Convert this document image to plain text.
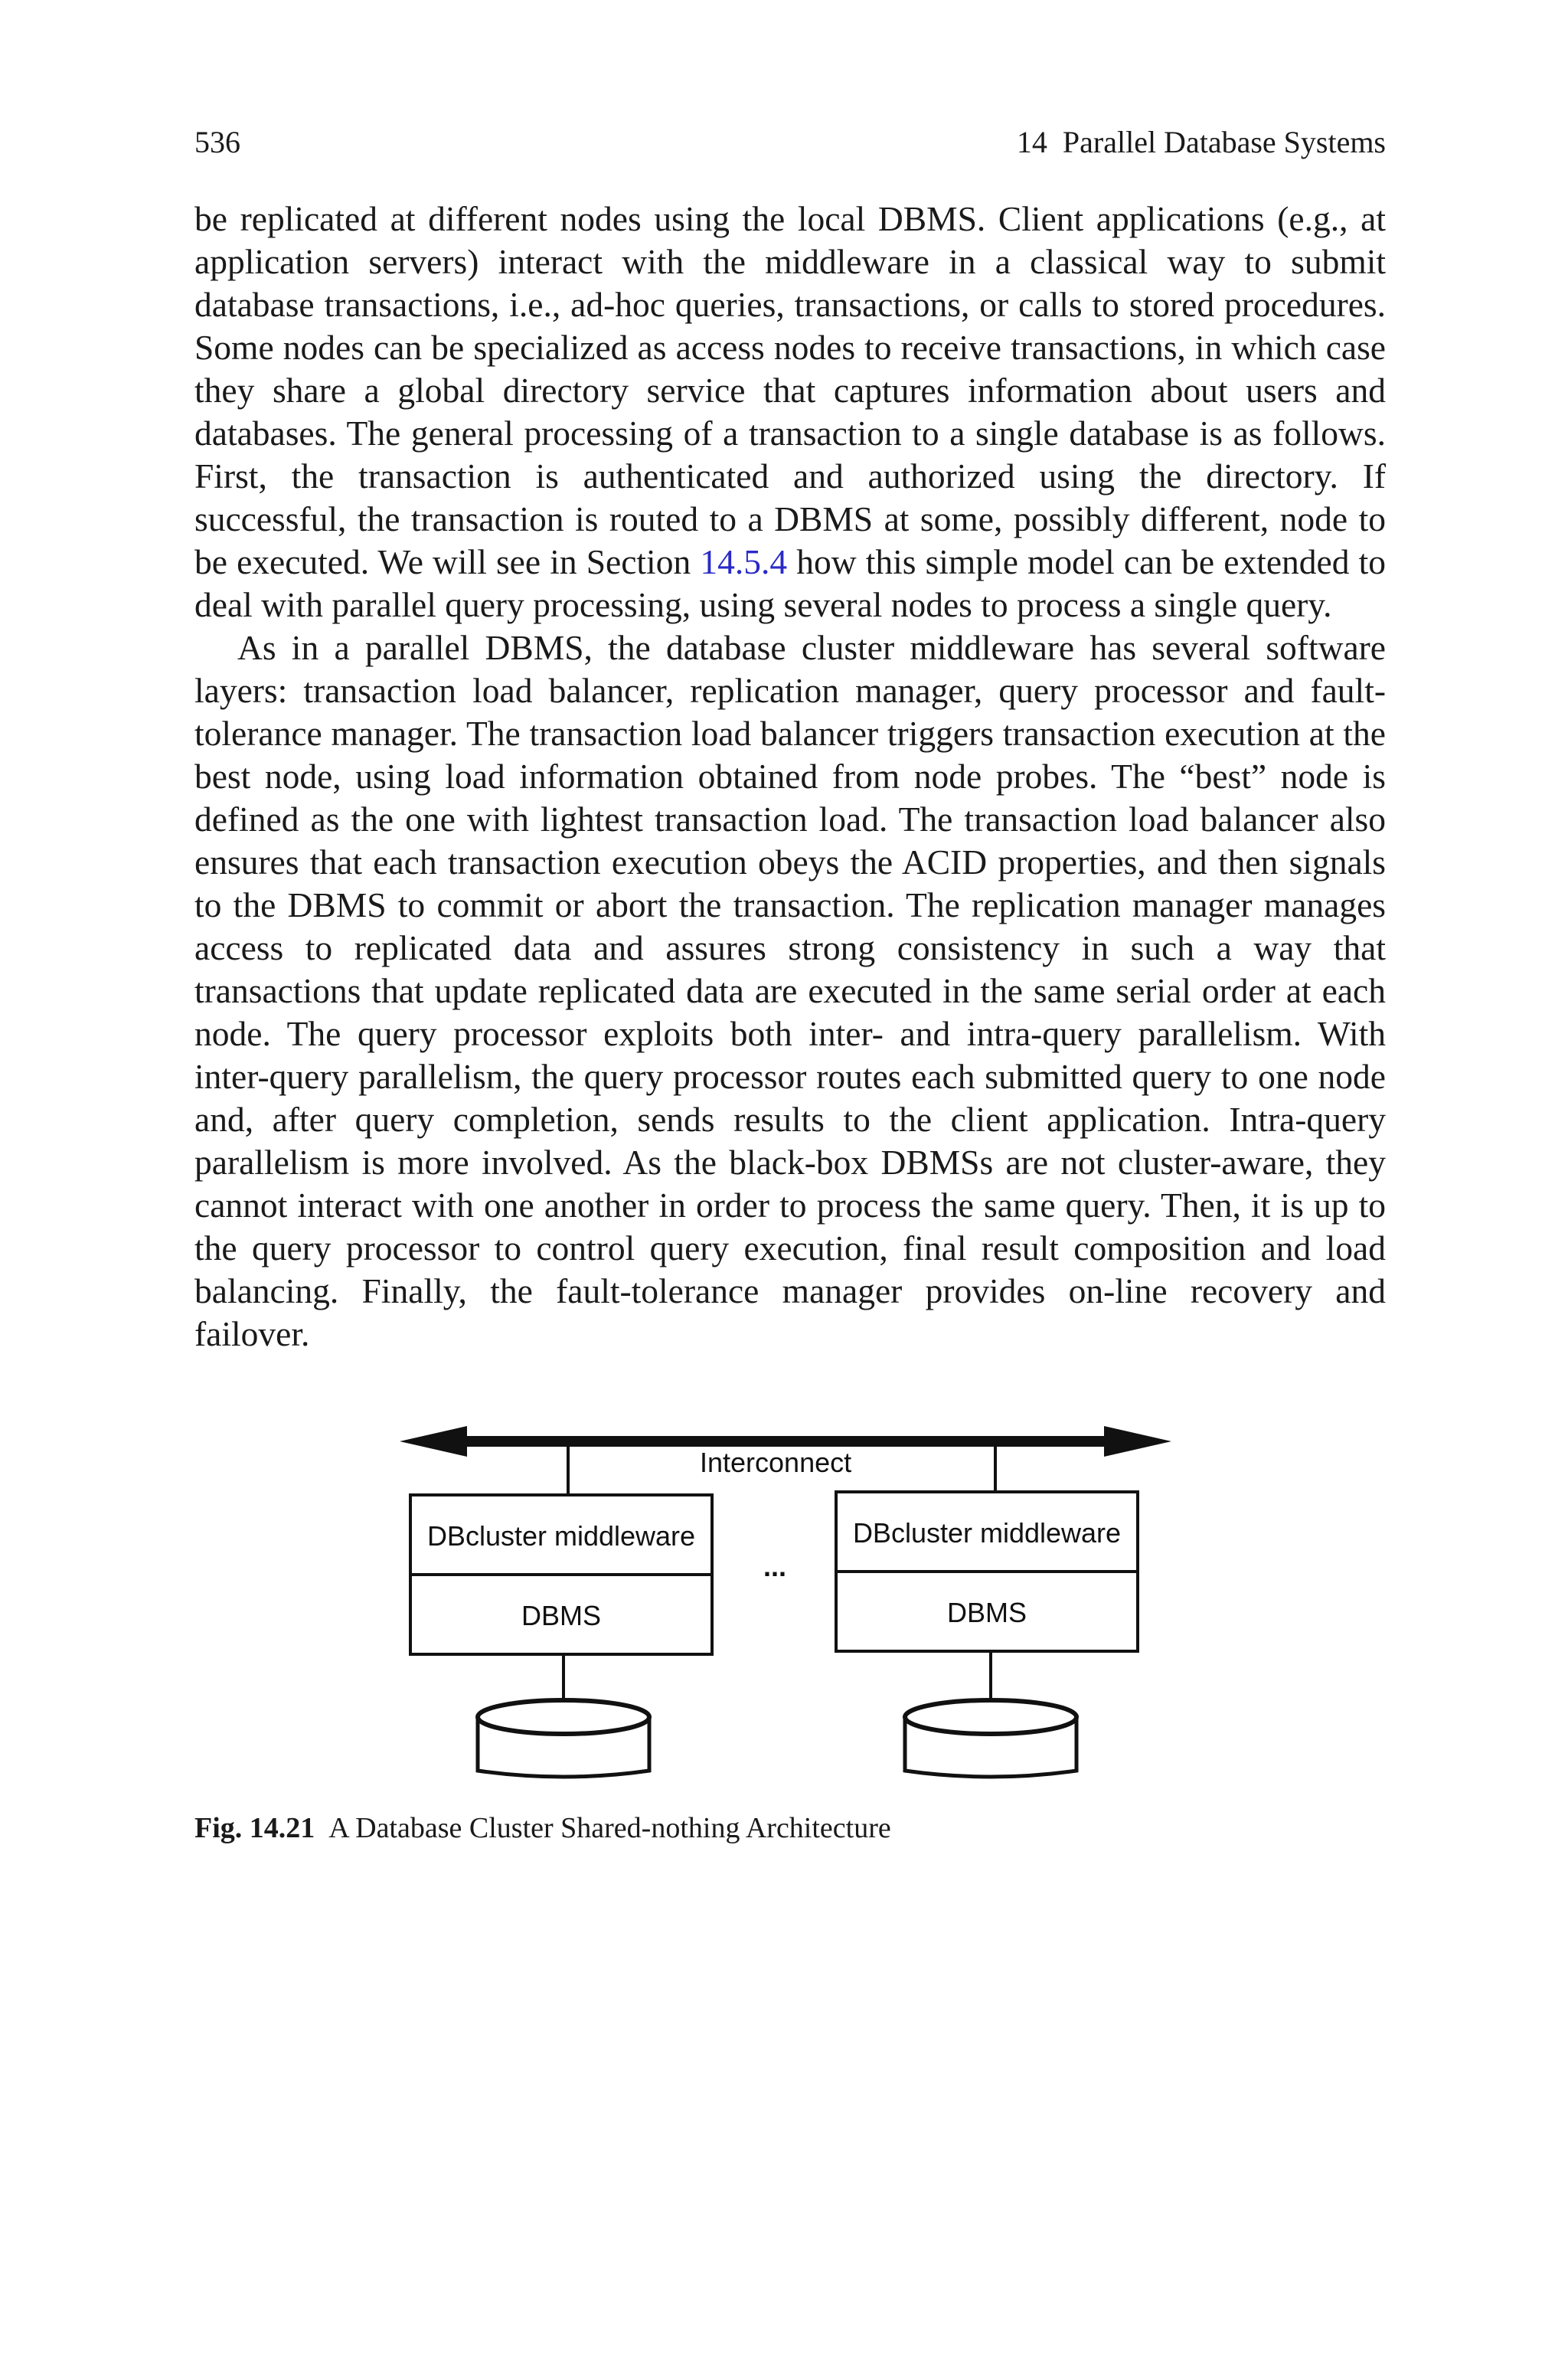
536	14  Parallel Database Systems

be replicated at different nodes using the local DBMS. Client applications (e.g., at application servers) interact with the middleware in a classical way to submit database transactions, i.e., ad-hoc queries, transactions, or calls to stored procedures. Some nodes can be specialized as access nodes to receive transactions, in which case they share a global directory service that captures information about users and databases. The general processing of a transaction to a single database is as follows. First, the transaction is authenticated and authorized using the directory. If successful, the transaction is routed to a DBMS at some, possibly different, node to be executed. We will see in Section 14.5.4 how this simple model can be extended to deal with parallel query processing, using several nodes to process a single query.

As in a parallel DBMS, the database cluster middleware has several software layers: transaction load balancer, replication manager, query processor and fault-tolerance manager. The transaction load balancer triggers transaction execution at the best node, using load information obtained from node probes. The “best” node is defined as the one with lightest transaction load. The transaction load balancer also ensures that each transaction execution obeys the ACID properties, and then signals to the DBMS to commit or abort the transaction. The replication manager manages access to replicated data and assures strong consistency in such a way that transactions that update replicated data are executed in the same serial order at each node. The query processor exploits both inter- and intra-query parallelism. With inter-query parallelism, the query processor routes each submitted query to one node and, after query completion, sends results to the client application. Intra-query parallelism is more involved. As the black-box DBMSs are not cluster-aware, they cannot interact with one another in order to process the same query. Then, it is up to the query processor to control query execution, final result composition and load balancing. Finally, the fault-tolerance manager provides on-line recovery and failover.

Interconnect
DBcluster middleware
DBMS
...
DBcluster middleware
DBMS
Fig. 14.21 A Database Cluster Shared-nothing Architecture
